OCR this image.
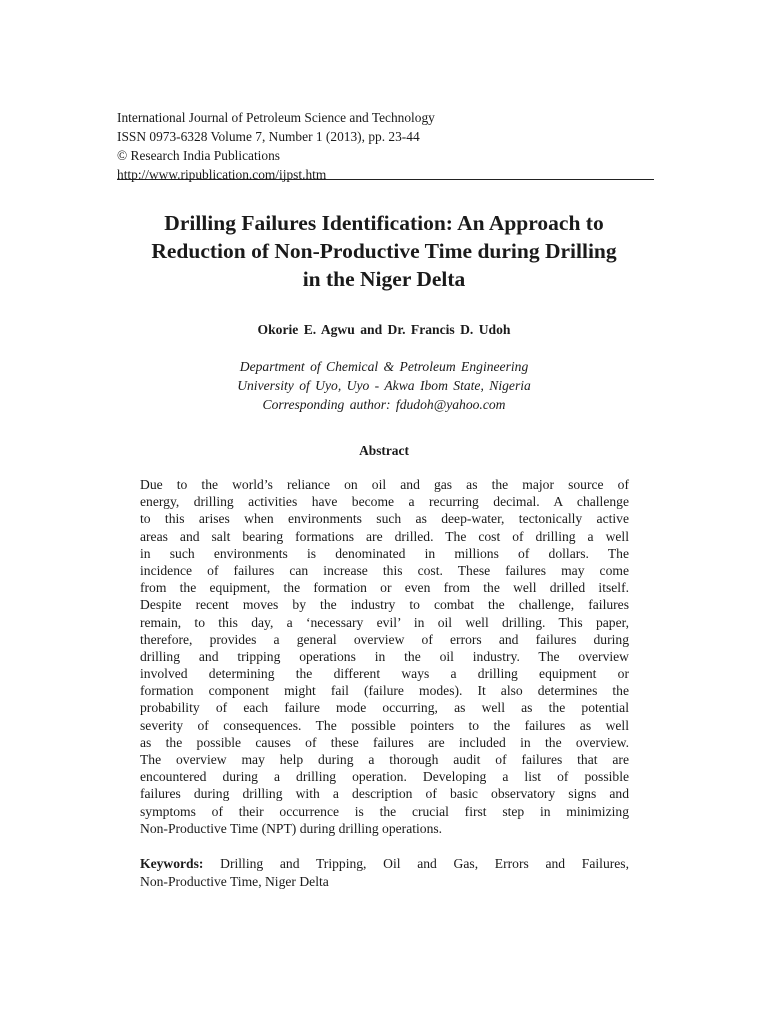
International Journal of Petroleum Science and Technology
ISSN 0973-6328 Volume 7, Number 1 (2013), pp. 23-44
© Research India Publications
http://www.ripublication.com/ijpst.htm
Drilling Failures Identification: An Approach to
Reduction of Non-Productive Time during Drilling
in the Niger Delta
Okorie E. Agwu and Dr. Francis D. Udoh
Department of Chemical & Petroleum Engineering
University of Uyo, Uyo - Akwa Ibom State, Nigeria
Corresponding author: fdudoh@yahoo.com
Abstract
Due to the world’s reliance on oil and gas as the major source of
energy, drilling activities have become a recurring decimal. A challenge
to this arises when environments such as deep-water, tectonically active
areas and salt bearing formations are drilled. The cost of drilling a well
in such environments is denominated in millions of dollars. The
incidence of failures can increase this cost. These failures may come
from the equipment, the formation or even from the well drilled itself.
Despite recent moves by the industry to combat the challenge, failures
remain, to this day, a ‘necessary evil’ in oil well drilling. This paper,
therefore, provides a general overview of errors and failures during
drilling and tripping operations in the oil industry. The overview
involved determining the different ways a drilling equipment or
formation component might fail (failure modes). It also determines the
probability of each failure mode occurring, as well as the potential
severity of consequences. The possible pointers to the failures as well
as the possible causes of these failures are included in the overview.
The overview may help during a thorough audit of failures that are
encountered during a drilling operation. Developing a list of possible
failures during drilling with a description of basic observatory signs and
symptoms of their occurrence is the crucial first step in minimizing
Non-Productive Time (NPT) during drilling operations.
Keywords: Drilling and Tripping, Oil and Gas, Errors and Failures,
Non-Productive Time, Niger Delta
